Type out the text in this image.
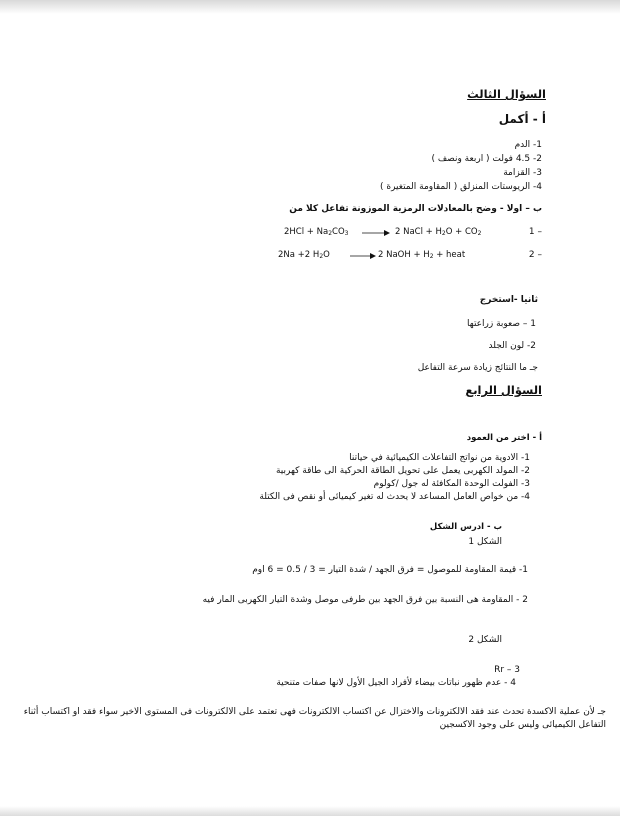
السؤال الثالث
أ - أكمل
1- الدم
2- 4.5 فولت ( اربعة ونصف )
3- القزامة
4- الريوستات المنزلق ( المقاومة المتغيرة )
ب – اولا - وضح بالمعادلات الرمزية الموزونة تفاعل كلا من
– 1
$2HCl + Na_2CO_3$	2 NaCl + $H_2O + CO_2$
– 2
2Na +2 $H_2O$	2 NaOH + $H_2$ + heat
ثانيا -استخرج
1 – صعوبة زراعتها
2- لون الجلد
جـ ما النتائج زيادة سرعة التفاعل
السؤال الرابع
أ - اختر من العمود
1- الادوية من نواتج التفاعلات الكيميائية في حياتنا
2- المولد الكهربى يعمل على تحويل الطاقة الحركية الى طاقة كهربية
3- الفولت الوحدة المكافئة له جول /كولوم
4- من خواص العامل المساعد لا يحدث له تغير كيميائى أو نقص فى الكتلة
ب - ادرس الشكل
الشكل 1
1- قيمة المقاومة للموصول = فرق الجهد / شدة التيار = 3 / 0.5 = 6 اوم
2 - المقاومة هى النسبة بين فرق الجهد بين طرفى موصل وشدة التيار الكهربى المار فيه
الشكل 2
Rr – 3
4 - عدم ظهور نباتات بيضاء لأفراد الجيل الأول لانها صفات متنحية
جـ لأن عملية الاكسدة تحدث عند فقد الالكترونات والاختزال عن اكتساب الالكترونات فهى تعتمد على الالكترونات فى المستوى الاخير سواء فقد او اكتساب أثناء التفاعل الكيميائى وليس على وجود الاكسجين
